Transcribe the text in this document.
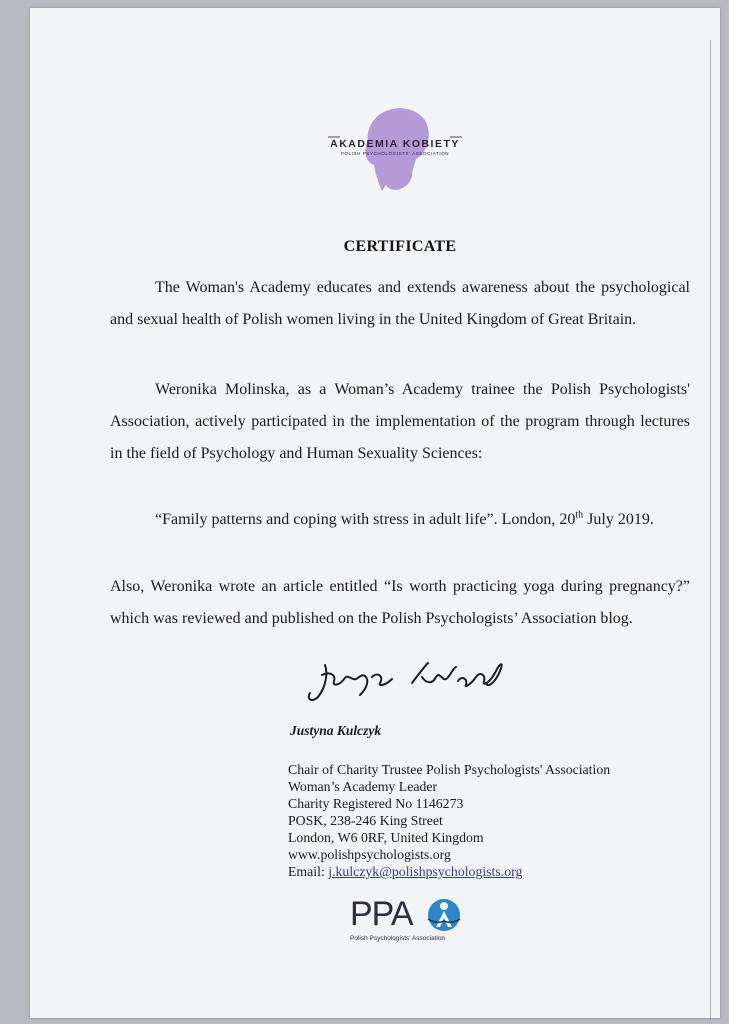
AKADEMIA KOBIETY
POLISH PSYCHOLOGISTS' ASSOCIATION
CERTIFICATE
The Woman's Academy educates and extends awareness about the psychological and sexual health of Polish women living in the United Kingdom of Great Britain.
Weronika Molinska, as a Woman’s Academy trainee the Polish Psychologists' Association, actively participated in the implementation of the program through lectures in the field of Psychology and Human Sexuality Sciences:
“Family patterns and coping with stress in adult life”. London, 20th July 2019.
Also, Weronika wrote an article entitled “Is worth practicing yoga during pregnancy?” which was reviewed and published on the Polish Psychologists’ Association blog.
Justyna Kulczyk
Chair of Charity Trustee Polish Psychologists' Association
Woman’s Academy Leader
Charity Registered No 1146273
POSK, 238-246 King Street
London, W6 0RF, United Kingdom
www.polishpsychologists.org
Email: j.kulczyk@polishpsychologists.org
PPA
Polish Psychologists' Association
